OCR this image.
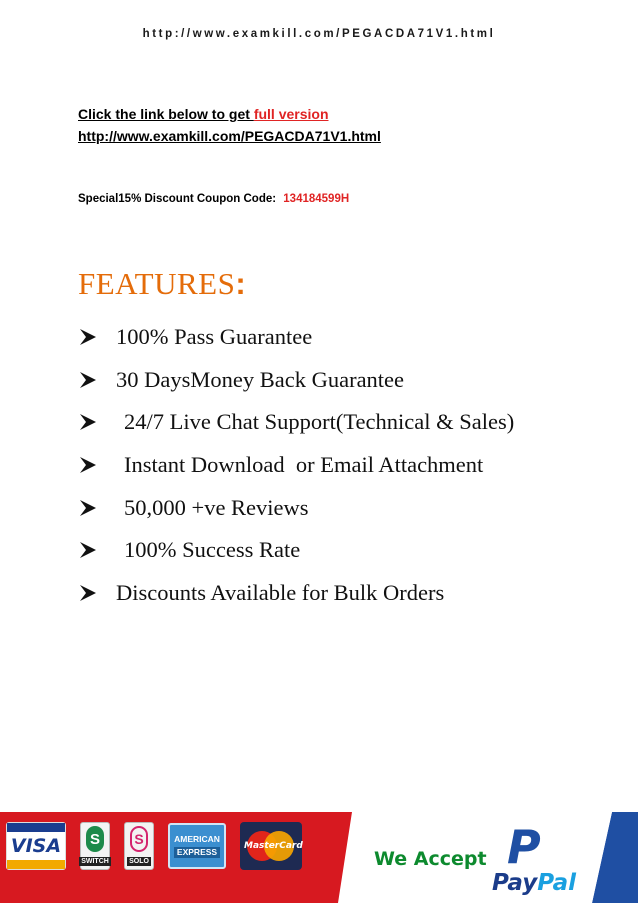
http://www.examkill.com/PEGACDA71V1.html
Click the link below to get full version
http://www.examkill.com/PEGACDA71V1.html
Special15% Discount Coupon Code: 134184599H
FEATURES:
100% Pass Guarantee
30 DaysMoney Back Guarantee
24/7 Live Chat Support(Technical & Sales)
Instant Download  or Email Attachment
50,000 +ve Reviews
100% Success Rate
Discounts Available for Bulk Orders
VISA S
SWITCH
S
SOLO
AMERICAN
EXPRESS
MasterCard
We Accept P
PayPal
